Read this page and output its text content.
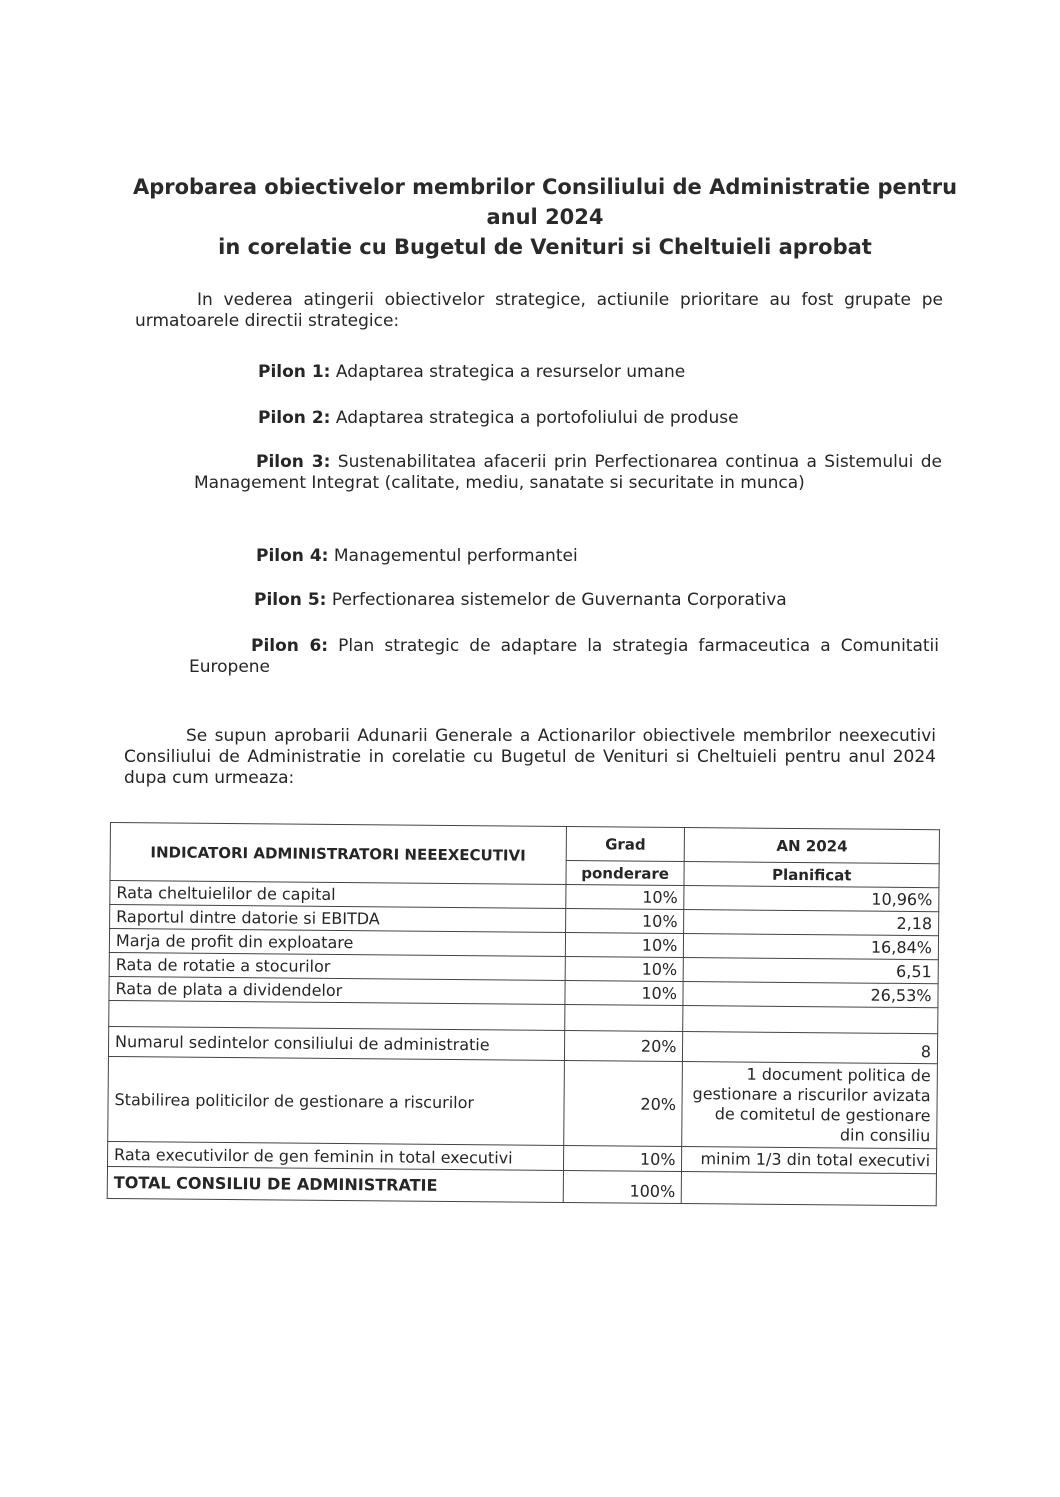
Aprobarea obiectivelor membrilor Consiliului de Administratie pentru
anul 2024
in corelatie cu Bugetul de Venituri si Cheltuieli aprobat
In vederea atingerii obiectivelor strategice, actiunile prioritare au fost grupate pe urmatoarele directii strategice:
Pilon 1: Adaptarea strategica a resurselor umane
Pilon 2: Adaptarea strategica a portofoliului de produse
Pilon 3: Sustenabilitatea afacerii prin Perfectionarea continua a Sistemului de Management Integrat (calitate, mediu, sanatate si securitate in munca)
Pilon 4: Managementul performantei
Pilon 5: Perfectionarea sistemelor de Guvernanta Corporativa
Pilon 6: Plan strategic de adaptare la strategia farmaceutica a Comunitatii Europene
Se supun aprobarii Adunarii Generale a Actionarilor obiectivele membrilor neexecutivi Consiliului de Administratie in corelatie cu Bugetul de Venituri si Cheltuieli pentru anul 2024 dupa cum urmeaza:
INDICATORI ADMINISTRATORI NEEEXECUTIVI	Grad	AN 2024
	ponderare	Planificat
Rata cheltuielilor de capital	10%	10,96%
Raportul dintre datorie si EBITDA	10%	2,18
Marja de profit din exploatare	10%	16,84%
Rata de rotatie a stocurilor	10%	6,51
Rata de plata a dividendelor	10%	26,53%

Numarul sedintelor consiliului de administratie	20%	8
Stabilirea politicilor de gestionare a riscurilor	20%	1 document politica de gestionare a riscurilor avizata de comitetul de gestionare din consiliu
Rata executivilor de gen feminin in total executivi	10%	minim 1/3 din total executivi
TOTAL CONSILIU DE ADMINISTRATIE	100%	
